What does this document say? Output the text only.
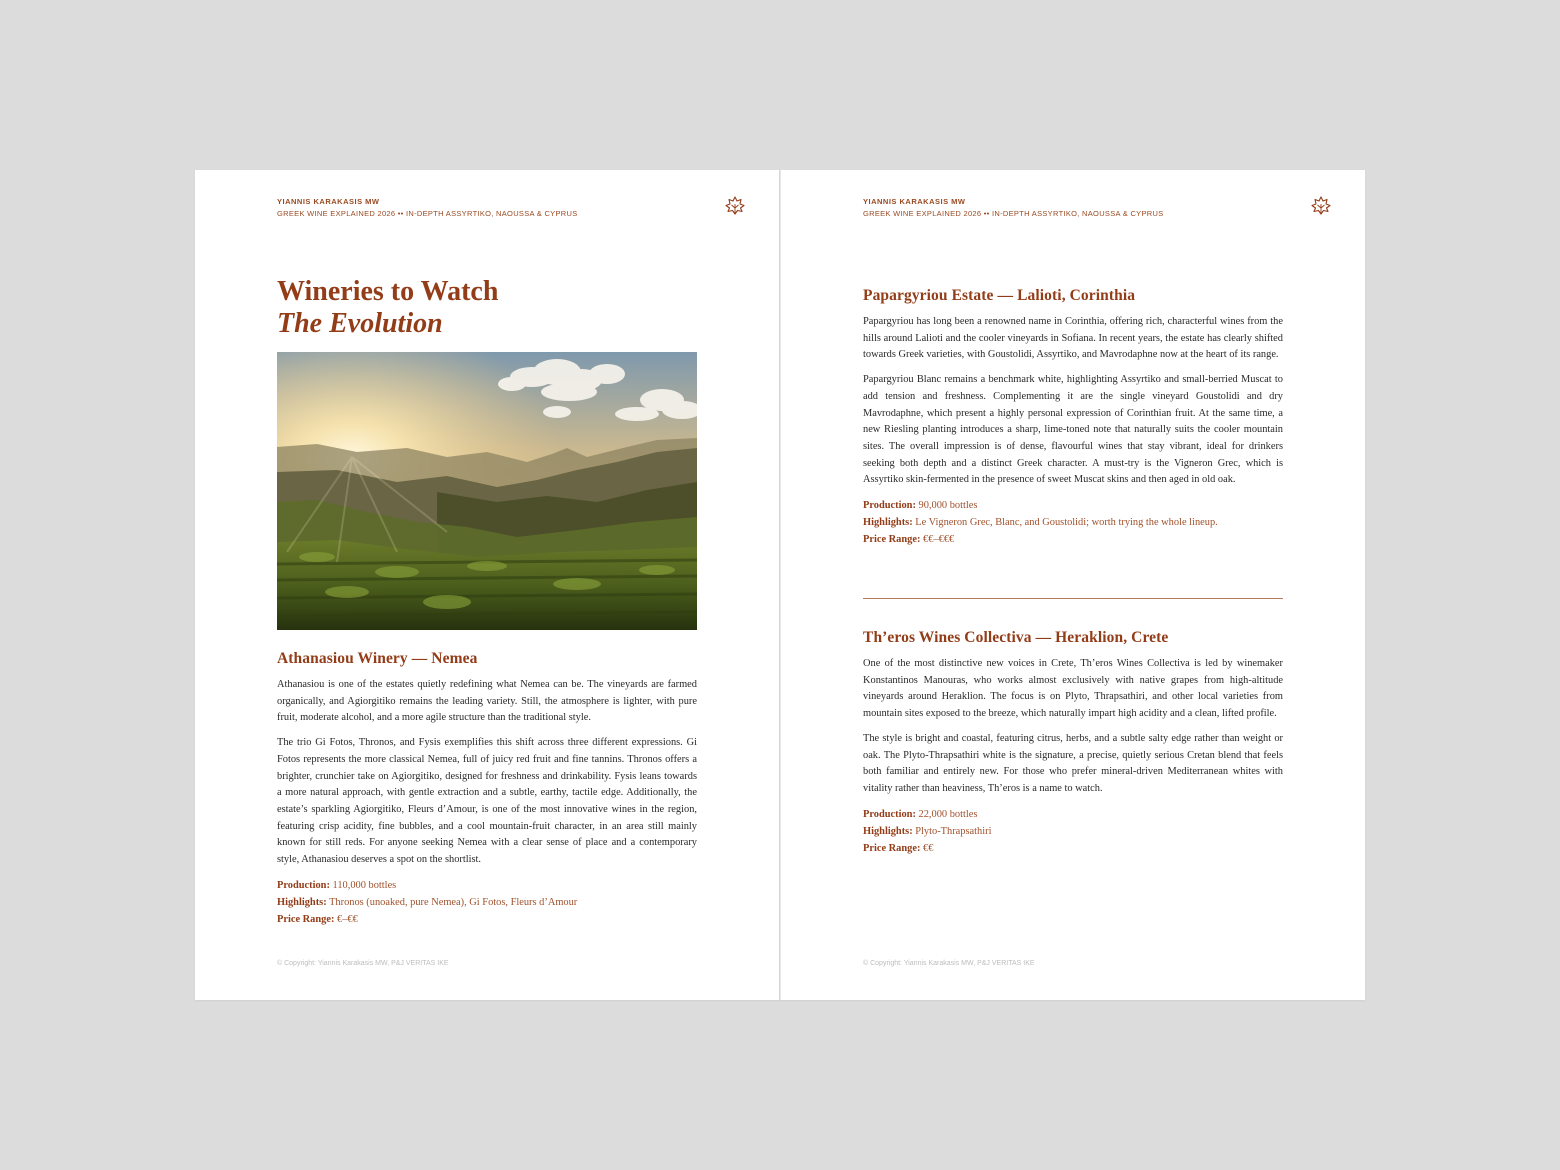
YIANNIS KARAKASIS MW
GREEK WINE EXPLAINED 2026 •• IN-DEPTH ASSYRTIKO, NAOUSSA & CYPRUS
Wineries to Watch
The Evolution
Athanasiou Winery — Nemea

Athanasiou is one of the estates quietly redefining what Nemea can be. The vineyards are farmed organically, and Agiorgitiko remains the leading variety. Still, the atmosphere is lighter, with pure fruit, moderate alcohol, and a more agile structure than the traditional style.

The trio Gi Fotos, Thronos, and Fysis exemplifies this shift across three different expressions. Gi Fotos represents the more classical Nemea, full of juicy red fruit and fine tannins. Thronos offers a brighter, crunchier take on Agiorgitiko, designed for freshness and drinkability. Fysis leans towards a more natural approach, with gentle extraction and a subtle, earthy, tactile edge. Additionally, the estate’s sparkling Agiorgitiko, Fleurs d’Amour, is one of the most innovative wines in the region, featuring crisp acidity, fine bubbles, and a cool mountain-fruit character, in an area still mainly known for still reds. For anyone seeking Nemea with a clear sense of place and a contemporary style, Athanasiou deserves a spot on the shortlist.

Production: 110,000 bottles
Highlights: Thronos (unoaked, pure Nemea), Gi Fotos, Fleurs d’Amour
Price Range: €–€€
© Copyright: Yiannis Karakasis MW, P&J VERITAS IKE
YIANNIS KARAKASIS MW
GREEK WINE EXPLAINED 2026 •• IN-DEPTH ASSYRTIKO, NAOUSSA & CYPRUS
Papargyriou Estate — Lalioti, Corinthia

Papargyriou has long been a renowned name in Corinthia, offering rich, characterful wines from the hills around Lalioti and the cooler vineyards in Sofiana. In recent years, the estate has clearly shifted towards Greek varieties, with Goustolidi, Assyrtiko, and Mavrodaphne now at the heart of its range.

Papargyriou Blanc remains a benchmark white, highlighting Assyrtiko and small-berried Muscat to add tension and freshness. Complementing it are the single vineyard Goustolidi and dry Mavrodaphne, which present a highly personal expression of Corinthian fruit. At the same time, a new Riesling planting introduces a sharp, lime-toned note that naturally suits the cooler mountain sites. The overall impression is of dense, flavourful wines that stay vibrant, ideal for drinkers seeking both depth and a distinct Greek character. A must-try is the Vigneron Grec, which is Assyrtiko skin-fermented in the presence of sweet Muscat skins and then aged in old oak.

Production: 90,000 bottles
Highlights: Le Vigneron Grec, Blanc, and Goustolidi; worth trying the whole lineup.
Price Range: €€–€€€
Th’eros Wines Collectiva — Heraklion, Crete

One of the most distinctive new voices in Crete, Th’eros Wines Collectiva is led by winemaker Konstantinos Manouras, who works almost exclusively with native grapes from high-altitude vineyards around Heraklion. The focus is on Plyto, Thrapsathiri, and other local varieties from mountain sites exposed to the breeze, which naturally impart high acidity and a clean, lifted profile.

The style is bright and coastal, featuring citrus, herbs, and a subtle salty edge rather than weight or oak. The Plyto-Thrapsathiri white is the signature, a precise, quietly serious Cretan blend that feels both familiar and entirely new. For those who prefer mineral-driven Mediterranean whites with vitality rather than heaviness, Th’eros is a name to watch.

Production: 22,000 bottles
Highlights: Plyto-Thrapsathiri
Price Range: €€
© Copyright: Yiannis Karakasis MW, P&J VERITAS IKE
